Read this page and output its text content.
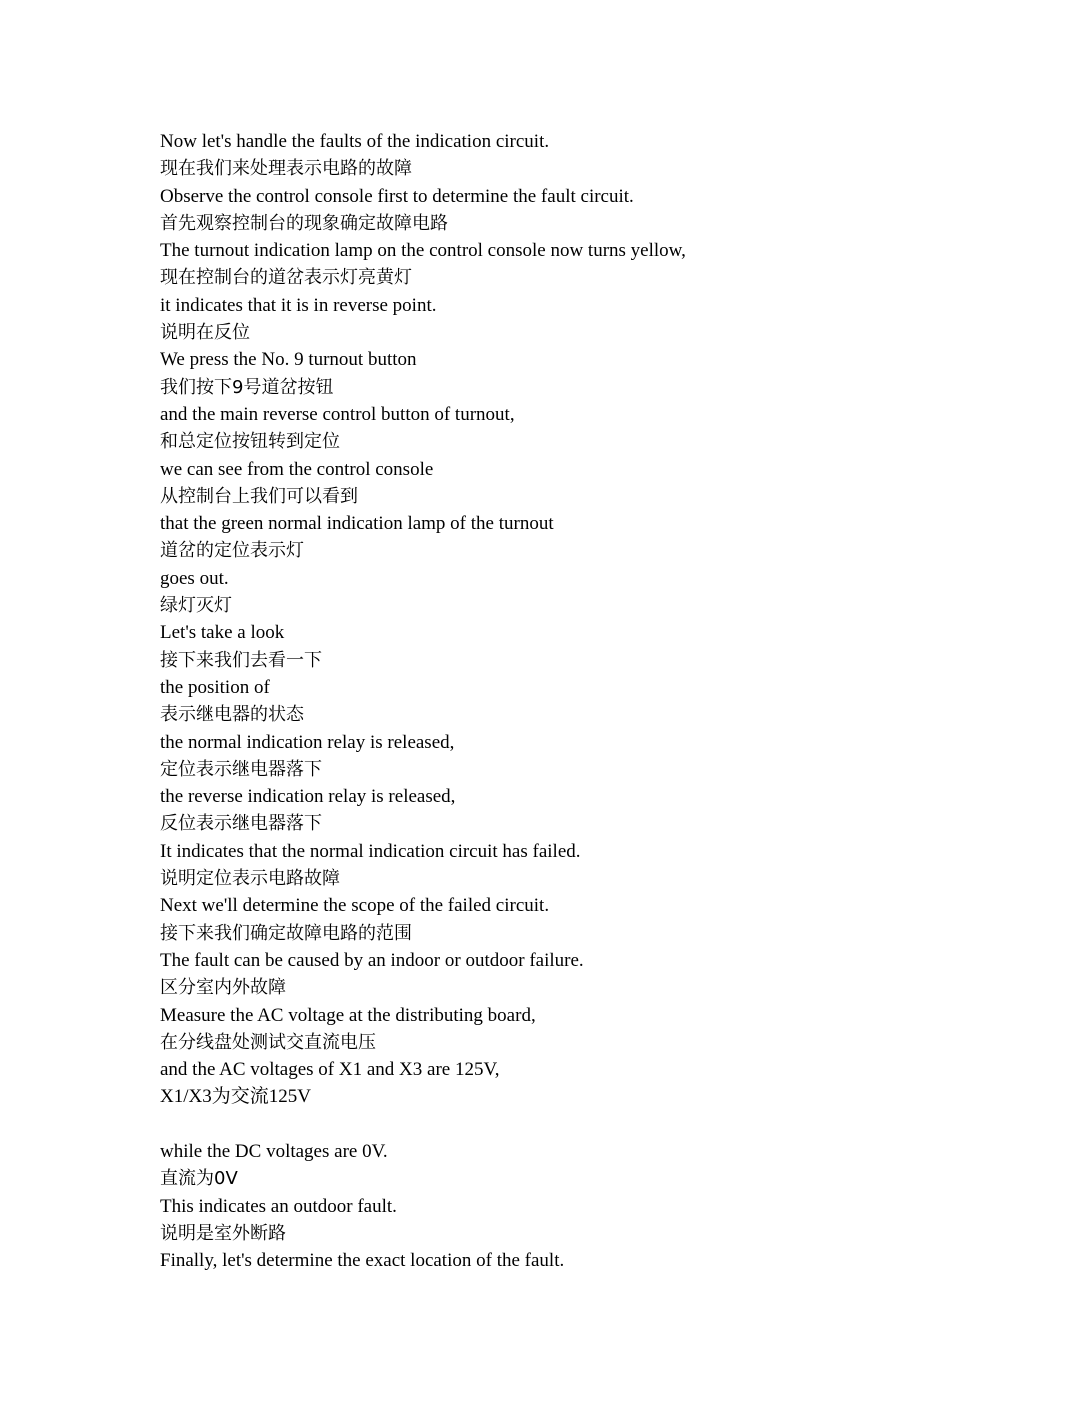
Now let's handle the faults of the indication circuit.
现在我们来处理表示电路的故障
Observe the control console first to determine the fault circuit.
首先观察控制台的现象确定故障电路
The turnout indication lamp on the control console now turns yellow,
现在控制台的道岔表示灯亮黄灯
it indicates that it is in reverse point.
说明在反位
We press the No. 9 turnout button
我们按下9号道岔按钮
and the main reverse control button of turnout,
和总定位按钮转到定位
we can see from the control console
从控制台上我们可以看到
that the green normal indication lamp of the turnout
道岔的定位表示灯
goes out.
绿灯灭灯
Let's take a look
接下来我们去看一下
the position of
表示继电器的状态
the normal indication relay is released,
定位表示继电器落下
the reverse indication relay is released,
反位表示继电器落下
It indicates that the normal indication circuit has failed.
说明定位表示电路故障
Next we'll determine the scope of the failed circuit.
接下来我们确定故障电路的范围
The fault can be caused by an indoor or outdoor failure.
区分室内外故障
Measure the AC voltage at the distributing board,
在分线盘处测试交直流电压
and the AC voltages of X1 and X3 are 125V,
X1/X3为交流125V
while the DC voltages are 0V.
直流为0V
This indicates an outdoor fault.
说明是室外断路
Finally, let's determine the exact location of the fault.
